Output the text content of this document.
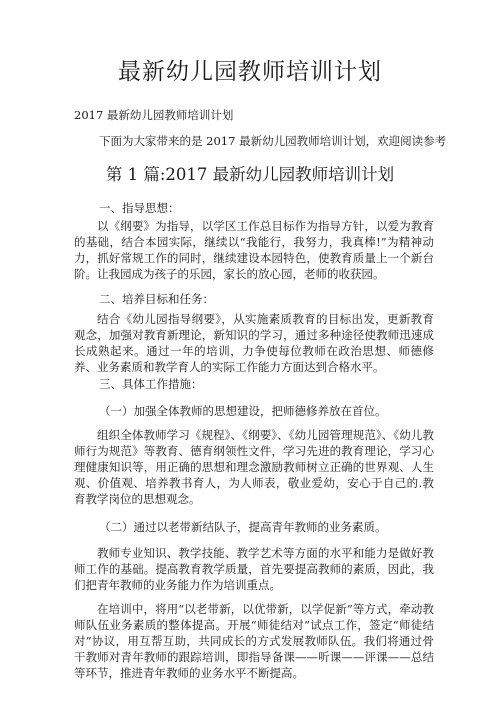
最新幼儿园教师培训计划
2017 最新幼儿园教师培训计划
下面为大家带来的是 2017 最新幼儿园教师培训计划，欢迎阅读参考
第 1 篇:2017 最新幼儿园教师培训计划
一、指导思想：
以《纲要》为指导，以学区工作总目标作为指导方针，以爱为教育的基础，结合本园实际，继续以“我能行，我努力，我真棒!”为精神动力，抓好常规工作的同时，继续建设本园特色，使教育质量上一个新台阶。让我园成为孩子的乐园，家长的放心园，老师的收获园。
二、培养目标和任务：
结合《幼儿园指导纲要》，从实施素质教育的目标出发，更新教育观念，加强对教育新理论，新知识的学习，通过多种途径使教师迅速成长成熟起来。通过一年的培训，力争使每位教师在政治思想、师德修养、业务素质和教学育人的实际工作能力方面达到合格水平。
三、具体工作措施：
（一）加强全体教师的思想建设，把师德修养放在首位。
组织全体教师学习《规程》、《纲要》、《幼儿园管理规范》、《幼儿教师行为规范》等教育、德育纲领性文件，学习先进的教育理论，学习心理健康知识等，用正确的思想和理念激励教师树立正确的世界观、人生观、价值观、培养教书育人，为人师表，敬业爱幼，安心于自己的.教育教学岗位的思想观念。
（二）通过以老带新结队子，提高青年教师的业务素质。
教师专业知识、教学技能、教学艺术等方面的水平和能力是做好教师工作的基础。提高教育教学质量，首先要提高教师的素质，因此，我们把青年教师的业务能力作为培训重点。
在培训中，将用“以老带新，以优带新，以学促新”等方式，牵动教师队伍业务素质的整体提高。开展“师徒结对”试点工作，签定“师徒结对”协议，用互帮互助，共同成长的方式发展教师队伍。我们将通过骨干教师对青年教师的跟踪培训，即指导备课——听课——评课——总结等环节，推进青年教师的业务水平不断提高。
